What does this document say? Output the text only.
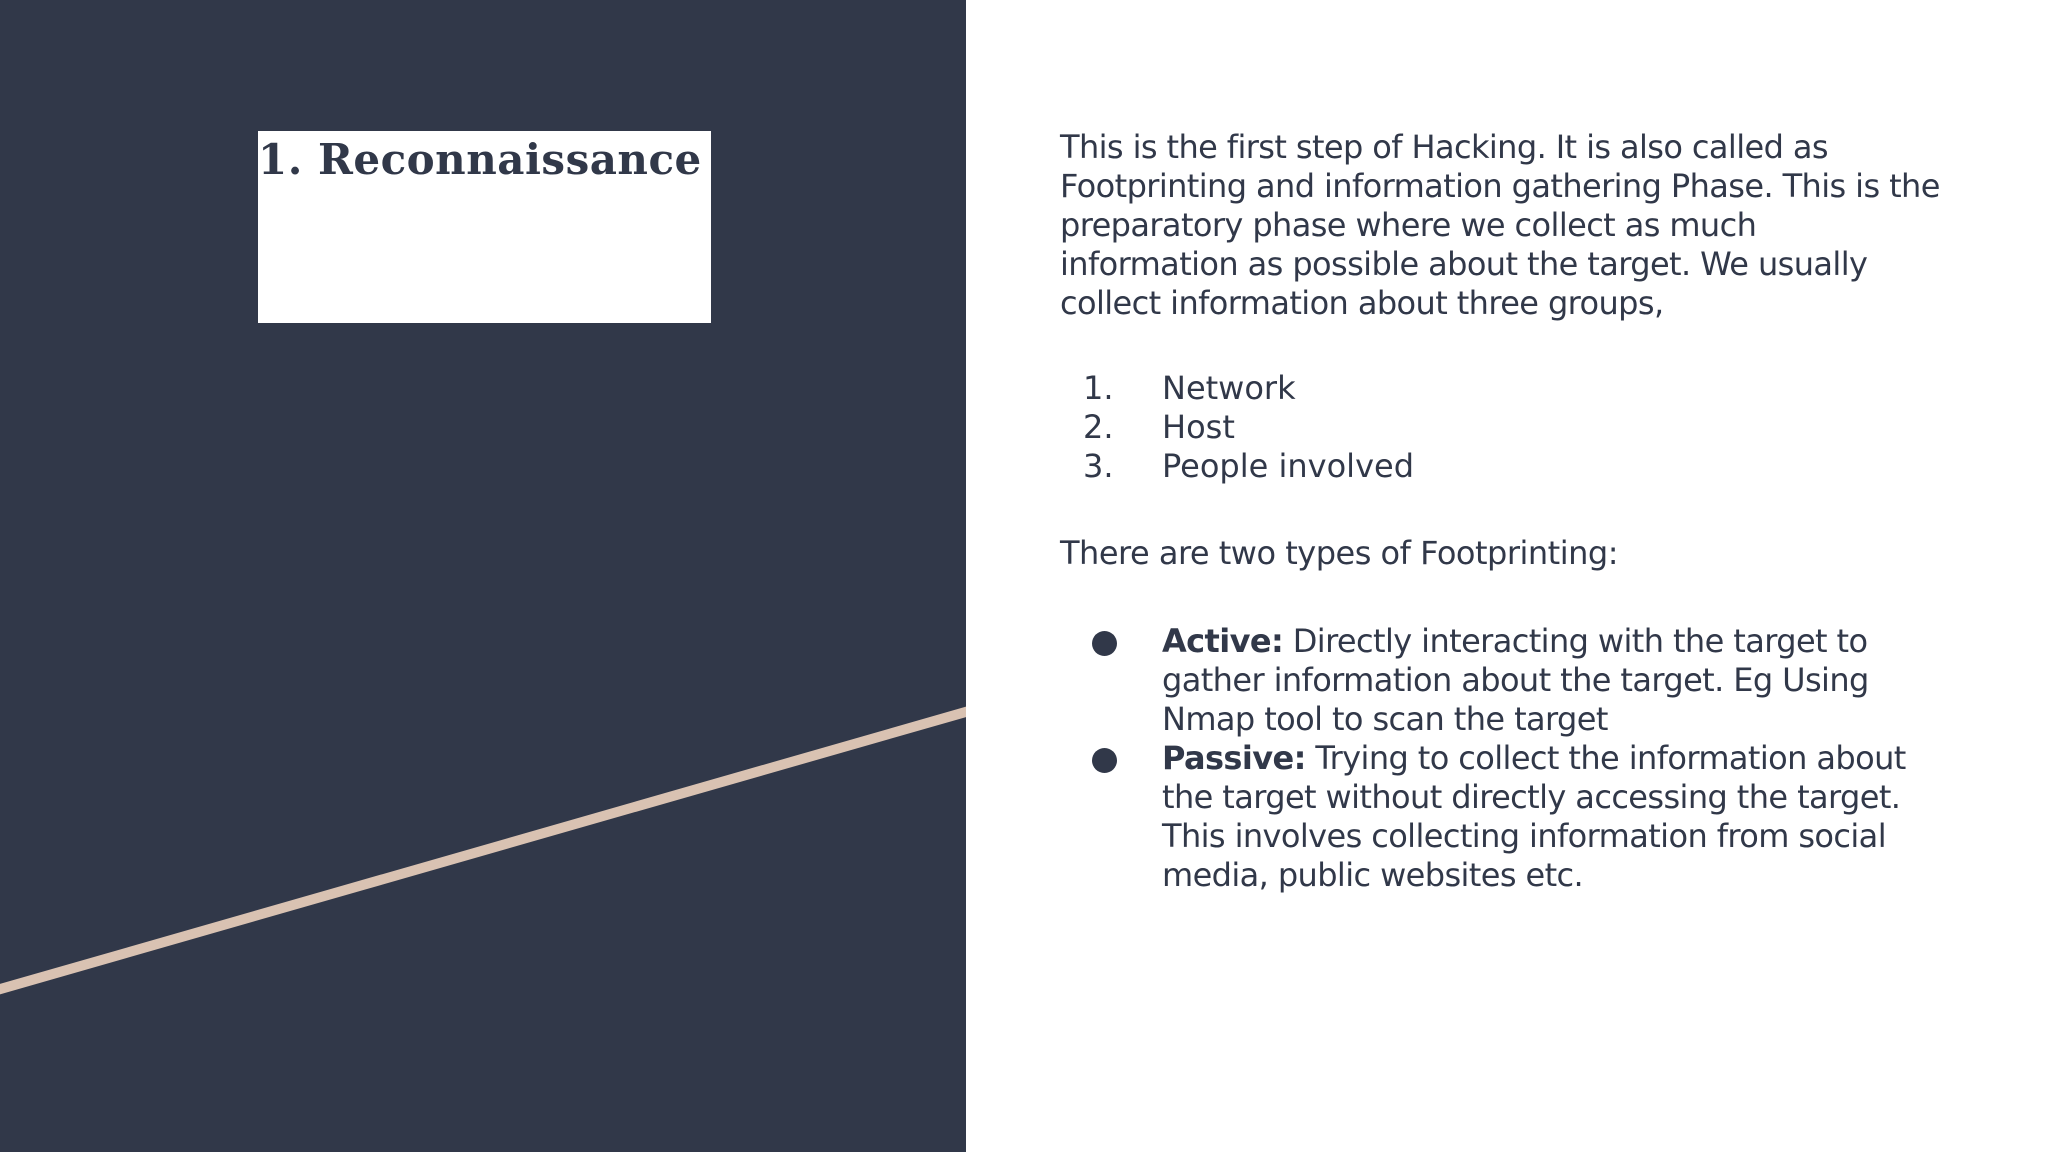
1. Reconnaissance	This is the first step of Hacking. It is also called as Footprinting and information gathering Phase. This is the preparatory phase where we collect as much information as possible about the target. We usually collect information about three groups,

1. Network
2. Host
3. People involved

There are two types of Footprinting:

Active: Directly interacting with the target to gather information about the target. Eg Using Nmap tool to scan the target
Passive: Trying to collect the information about the target without directly accessing the target. This involves collecting information from social media, public websites etc.
